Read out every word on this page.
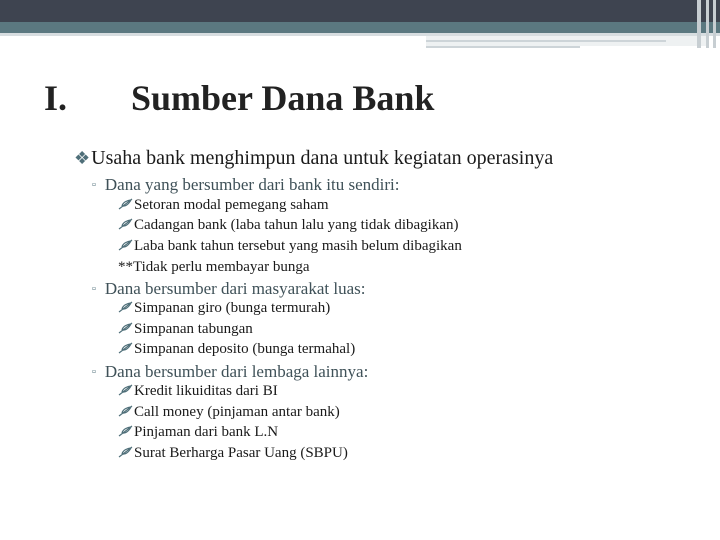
I. Sumber Dana Bank
❖Usaha bank menghimpun dana untuk kegiatan operasinya
▫ Dana yang bersumber dari bank itu sendiri:
Setoran modal pemegang saham
Cadangan bank (laba tahun lalu yang tidak dibagikan)
Laba bank tahun tersebut yang masih belum dibagikan
**Tidak perlu membayar bunga
▫ Dana bersumber dari masyarakat luas:
Simpanan giro (bunga termurah)
Simpanan tabungan
Simpanan deposito (bunga termahal)
▫ Dana bersumber dari lembaga lainnya:
Kredit likuiditas dari BI
Call money (pinjaman antar bank)
Pinjaman dari bank L.N
Surat Berharga Pasar Uang (SBPU)
